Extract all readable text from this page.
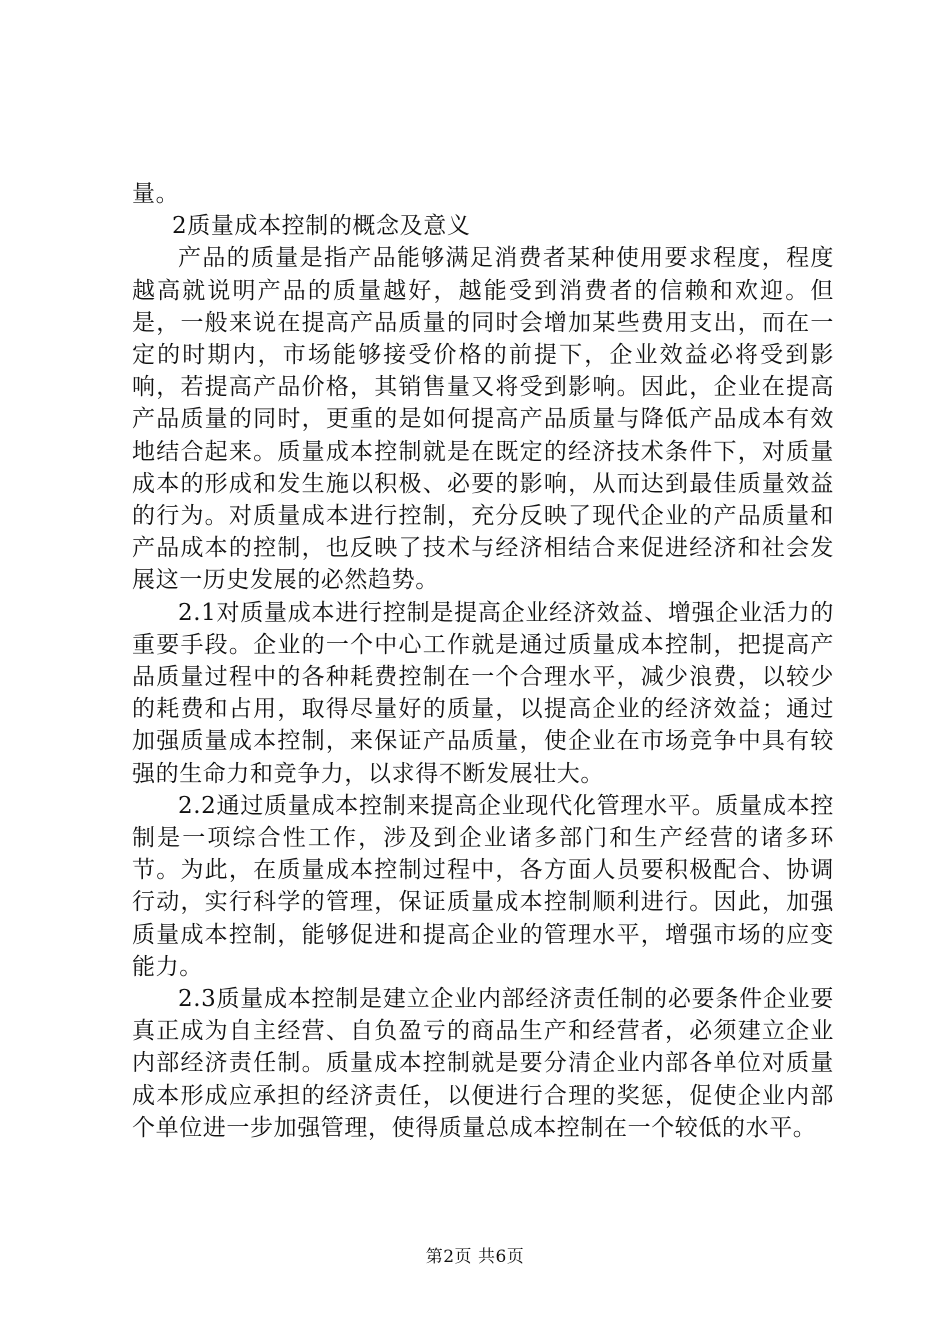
量。

2质量成本控制的概念及意义

产品的质量是指产品能够满足消费者某种使用要求程度，程度越高就说明产品的质量越好，越能受到消费者的信赖和欢迎。但是，一般来说在提高产品质量的同时会增加某些费用支出，而在一定的时期内，市场能够接受价格的前提下，企业效益必将受到影响，若提高产品价格，其销售量又将受到影响。因此，企业在提高产品质量的同时，更重的是如何提高产品质量与降低产品成本有效地结合起来。质量成本控制就是在既定的经济技术条件下，对质量成本的形成和发生施以积极、必要的影响，从而达到最佳质量效益的行为。对质量成本进行控制，充分反映了现代企业的产品质量和产品成本的控制，也反映了技术与经济相结合来促进经济和社会发展这一历史发展的必然趋势。

2.1对质量成本进行控制是提高企业经济效益、增强企业活力的重要手段。企业的一个中心工作就是通过质量成本控制，把提高产品质量过程中的各种耗费控制在一个合理水平，减少浪费，以较少的耗费和占用，取得尽量好的质量，以提高企业的经济效益；通过加强质量成本控制，来保证产品质量，使企业在市场竞争中具有较强的生命力和竞争力，以求得不断发展壮大。

2.2通过质量成本控制来提高企业现代化管理水平。质量成本控制是一项综合性工作，涉及到企业诸多部门和生产经营的诸多环节。为此，在质量成本控制过程中，各方面人员要积极配合、协调行动，实行科学的管理，保证质量成本控制顺利进行。因此，加强质量成本控制，能够促进和提高企业的管理水平，增强市场的应变能力。

2.3质量成本控制是建立企业内部经济责任制的必要条件企业要真正成为自主经营、自负盈亏的商品生产和经营者，必须建立企业内部经济责任制。质量成本控制就是要分清企业内部各单位对质量成本形成应承担的经济责任，以便进行合理的奖惩，促使企业内部个单位进一步加强管理，使得质量总成本控制在一个较低的水平。

第2页 共6页
